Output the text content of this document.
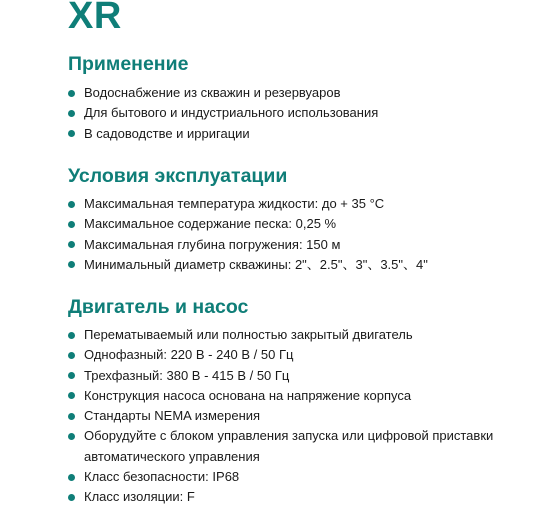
XR
Применение
Водоснабжение из скважин и резервуаров
Для бытового и индустриального использования
В садоводстве и ирригации
Условия эксплуатации
Максимальная температура жидкости: до + 35 °С
Максимальное содержание песка: 0,25 %
Максимальная глубина погружения: 150 м
Минимальный диаметр скважины: 2"、2.5"、3"、3.5"、4"
Двигатель и насос
Перематываемый или полностью закрытый двигатель
Однофазный: 220 В - 240 В / 50 Гц
Трехфазный: 380 В - 415 В / 50 Гц
Конструкция насоса основана на напряжение корпуса
Стандарты NEMA измерения
Оборудуйте с блоком управления запуска или цифровой приставки автоматического управления
Класс безопасности: IP68
Класс изоляции: F
